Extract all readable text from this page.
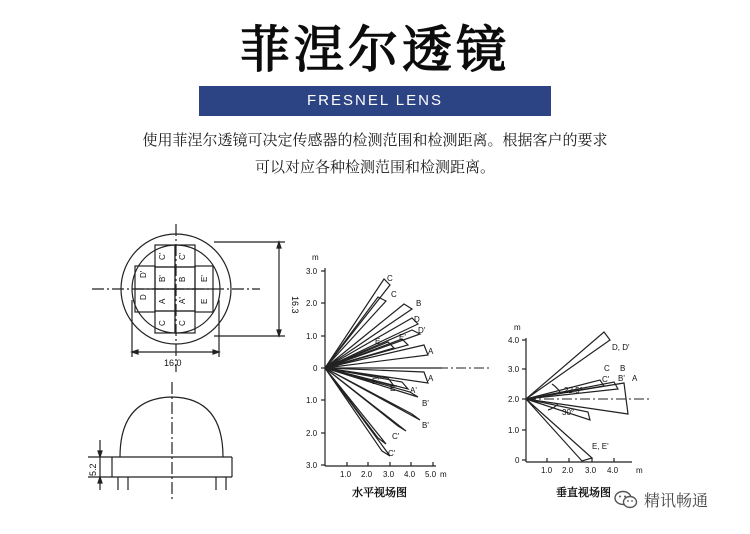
菲涅尔透镜
FRESNEL LENS
使用菲涅尔透镜可决定传感器的检测范围和检测距离。根据客户的要求
可以对应各种检测范围和检测距离。
D
C'
B'
A
C
C'
B
A'
C
E'
E
D'
16.0
16.3
5.2
m
3.0
2.0
1.0
0
1.0
2.0
3.0
1.0 2.0 3.0 4.0 5.0 m
C
C
B
D
D'
E E'
A
A
A'
E'
E'
B'
B'
C'
C'
水平视场图
m
4.0
3.0
2.0
1.0
0
1.0 2.0 3.0 4.0 m
D, D'
C
C'
B
B' A
E, E'
22.5°
30°
垂直视场图 精讯畅通
